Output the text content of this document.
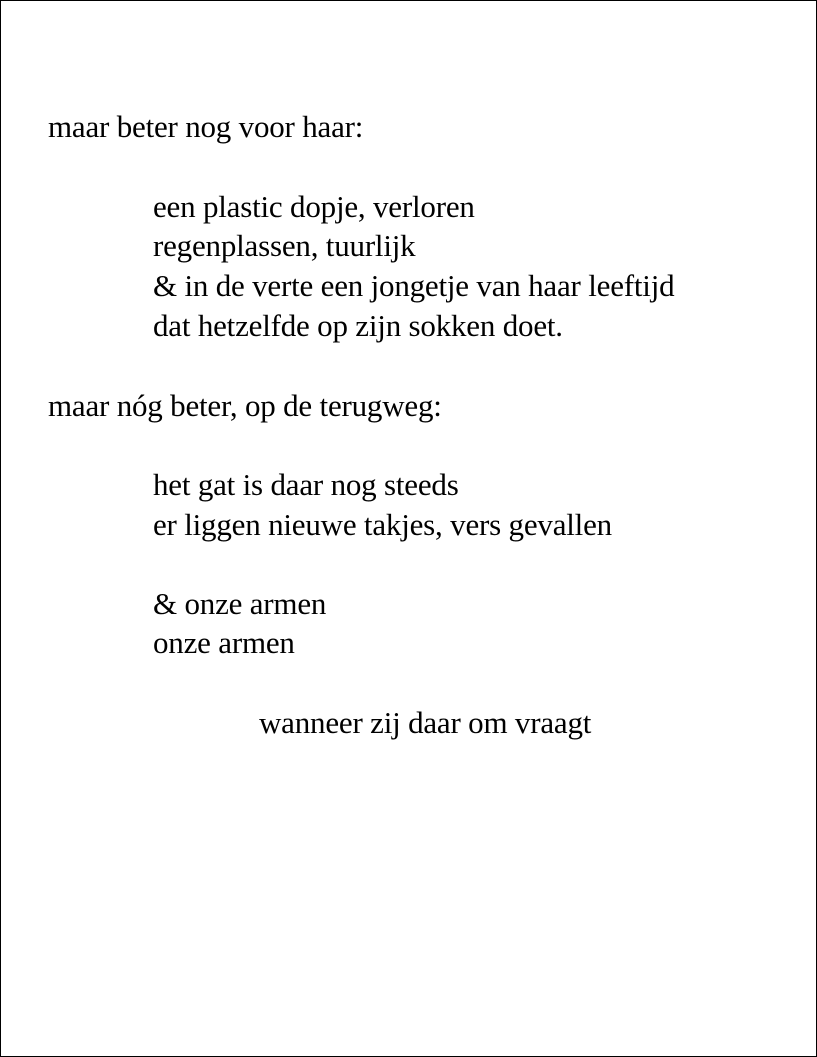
maar beter nog voor haar:
een plastic dopje, verloren
regenplassen, tuurlijk
& in de verte een jongetje van haar leeftijd
dat hetzelfde op zijn sokken doet.
maar nóg beter, op de terugweg:
het gat is daar nog steeds
er liggen nieuwe takjes, vers gevallen
& onze armen
onze armen
wanneer zij daar om vraagt
